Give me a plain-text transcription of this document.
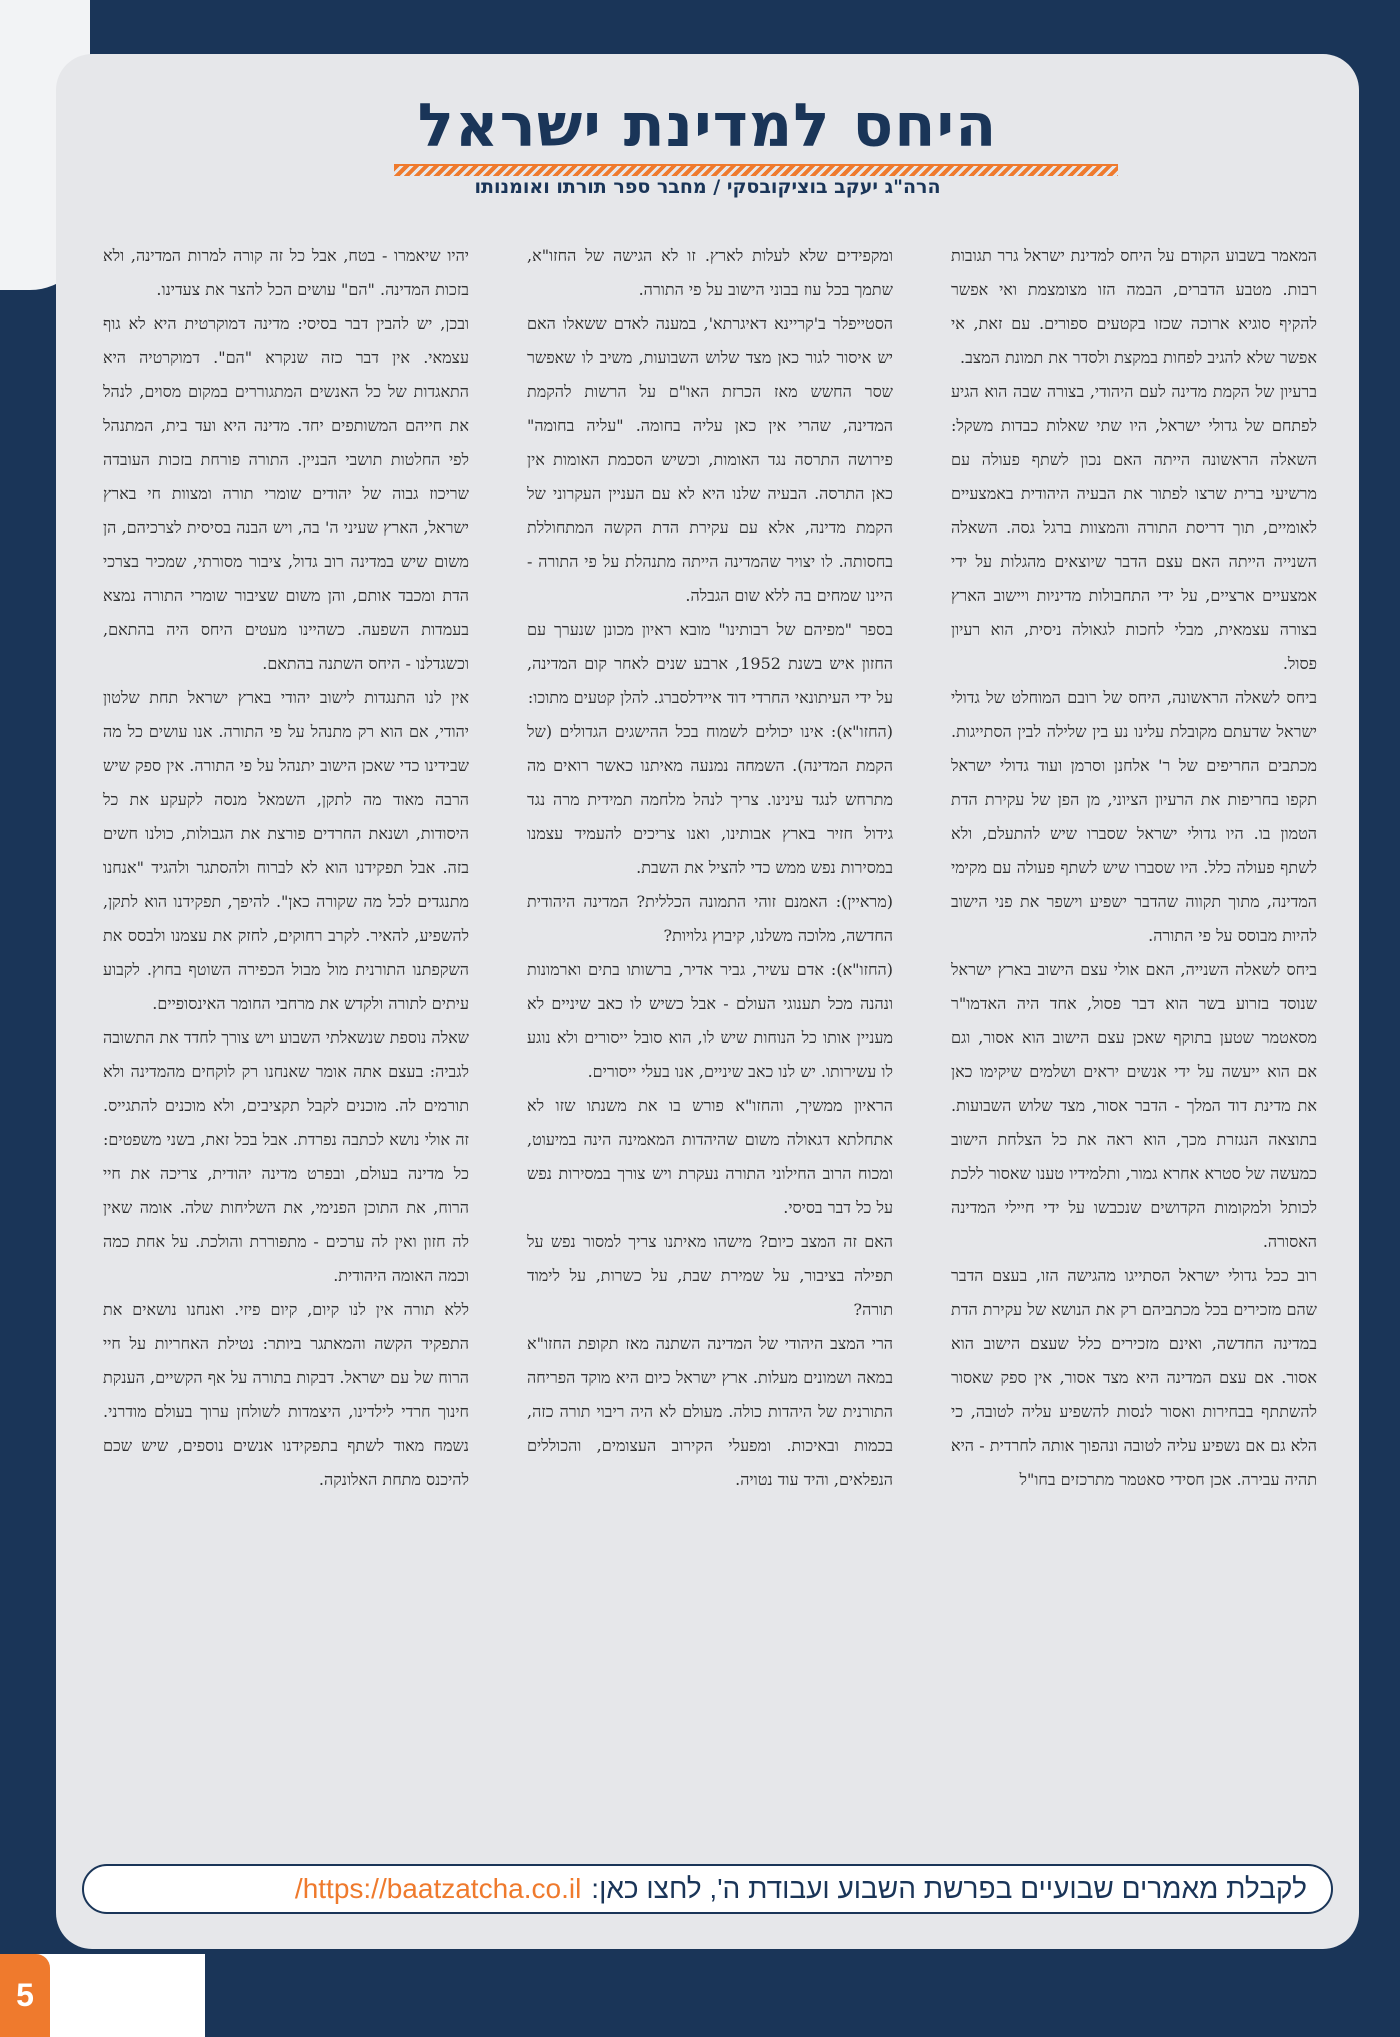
היחס למדינת ישראל
הרה"ג יעקב בוציקובסקי / מחבר ספר תורתו ואומנותו

המאמר בשבוע הקודם על היחס למדינת ישראל גרר תגובות רבות. מטבע הדברים, הבמה הזו מצומצמת ואי אפשר להקיף סוגיא ארוכה שכזו בקטעים ספורים. עם זאת, אי אפשר שלא להגיב לפחות במקצת ולסדר את תמונת המצב.

ברעיון של הקמת מדינה לעם היהודי, בצורה שבה הוא הגיע לפתחם של גדולי ישראל, היו שתי שאלות כבדות משקל: השאלה הראשונה הייתה האם נכון לשתף פעולה עם מרשיעי ברית שרצו לפתור את הבעיה היהודית באמצעיים לאומיים, תוך דריסת התורה והמצוות ברגל גסה. השאלה השנייה הייתה האם עצם הדבר שיוצאים מהגלות על ידי אמצעיים ארציים, על ידי התחבולות מדיניות ויישוב הארץ בצורה עצמאית, מבלי לחכות לגאולה ניסית, הוא רעיון פסול.

ביחס לשאלה הראשונה, היחס של רובם המוחלט של גדולי ישראל שדעתם מקובלת עלינו נע בין שלילה לבין הסתייגות. מכתבים החריפים של ר' אלחנן וסרמן ועוד גדולי ישראל תקפו בחריפות את הרעיון הציוני, מן הפן של עקירת הדת הטמון בו. היו גדולי ישראל שסברו שיש להתעלם, ולא לשתף פעולה כלל. היו שסברו שיש לשתף פעולה עם מקימי המדינה, מתוך תקווה שהדבר ישפיע וישפר את פני הישוב להיות מבוסס על פי התורה.

ביחס לשאלה השנייה, האם אולי עצם הישוב בארץ ישראל שנוסד בזרוע בשר הוא דבר פסול, אחד היה האדמו"ר מסאטמר שטען בתוקף שאכן עצם הישוב הוא אסור, וגם אם הוא ייעשה על ידי אנשים יראים ושלמים שיקימו כאן את מדינת דוד המלך - הדבר אסור, מצד שלוש השבועות. בתוצאה הנגזרת מכך, הוא ראה את כל הצלחת הישוב כמעשה של סטרא אחרא גמור, ותלמידיו טענו שאסור ללכת לכותל ולמקומות הקדושים שנכבשו על ידי חיילי המדינה האסורה.

רוב ככל גדולי ישראל הסתייגו מהגישה הזו, בעצם הדבר שהם מזכירים בכל מכתביהם רק את הנושא של עקירת הדת במדינה החדשה, ואינם מזכירים כלל שעצם הישוב הוא אסור. אם עצם המדינה היא מצד אסור, אין ספק שאסור להשתתף בבחירות ואסור לנסות להשפיע עליה לטובה, כי הלא גם אם נשפיע עליה לטובה ונהפוך אותה לחרדית - היא תהיה עבירה. אכן חסידי סאטמר מתרכזים בחו"ל

ומקפידים שלא לעלות לארץ. זו לא הגישה של החזו"א, שתמך בכל עוז בבוני הישוב על פי התורה.

הסטייפלר ב'קריינא דאיגרתא', במענה לאדם ששאלו האם יש איסור לגור כאן מצד שלוש השבועות, משיב לו שאפשר שסר החשש מאז הכרזת האו"ם על הרשות להקמת המדינה, שהרי אין כאן עליה בחומה. "עליה בחומה" פירושה התרסה נגד האומות, וכשיש הסכמת האומות אין כאן התרסה. הבעיה שלנו היא לא עם העניין העקרוני של הקמת מדינה, אלא עם עקירת הדת הקשה המתחוללת בחסותה. לו יצויר שהמדינה הייתה מתנהלת על פי התורה - היינו שמחים בה ללא שום הגבלה.

בספר "מפיהם של רבותינו" מובא ראיון מכונן שנערך עם החזון איש בשנת 1952, ארבע שנים לאחר קום המדינה, על ידי העיתונאי החרדי דוד איידלסברג. להלן קטעים מתוכו:

(החזו"א): אינו יכולים לשמוח בכל ההישגים הגדולים (של הקמת המדינה). השמחה נמנעה מאיתנו כאשר רואים מה מתרחש לנגד עינינו. צריך לנהל מלחמה תמידית מרה נגד גידול חזיר בארץ אבותינו, ואנו צריכים להעמיד עצמנו במסירות נפש ממש כדי להציל את השבת.

(מראיין): האמנם זוהי התמונה הכללית? המדינה היהודית החדשה, מלוכה משלנו, קיבוץ גלויות?

(החזו"א): אדם עשיר, גביר אדיר, ברשותו בתים וארמונות ונהנה מכל תענוגי העולם - אבל כשיש לו כאב שיניים לא מעניין אותו כל הנוחות שיש לו, הוא סובל ייסורים ולא נוגע לו עשירותו. יש לנו כאב שיניים, אנו בעלי ייסורים.

הראיון ממשיך, והחזו"א פורש בו את משנתו שזו לא אתחלתא דגאולה משום שהיהדות המאמינה הינה במיעוט, ומכוח הרוב החילוני התורה נעקרת ויש צורך במסירות נפש על כל דבר בסיסי.

האם זה המצב כיום? מישהו מאיתנו צריך למסור נפש על תפילה בציבור, על שמירת שבת, על כשרות, על לימוד תורה?

הרי המצב היהודי של המדינה השתנה מאז תקופת החזו"א במאה ושמונים מעלות. ארץ ישראל כיום היא מוקד הפריחה התורנית של היהדות כולה. מעולם לא היה ריבוי תורה כזה, בכמות ובאיכות. ומפעלי הקירוב העצומים, והכוללים הנפלאים, והיד עוד נטויה.

יהיו שיאמרו - בטח, אבל כל זה קורה למרות המדינה, ולא בזכות המדינה. "הם" עושים הכל להצר את צעדינו.

ובכן, יש להבין דבר בסיסי: מדינה דמוקרטית היא לא גוף עצמאי. אין דבר כזה שנקרא "הם". דמוקרטיה היא התאגדות של כל האנשים המתגוררים במקום מסוים, לנהל את חייהם המשותפים יחד. מדינה היא ועד בית, המתנהל לפי החלטות תושבי הבניין. התורה פורחת בזכות העובדה שריכוז גבוה של יהודים שומרי תורה ומצוות חי בארץ ישראל, הארץ שעיני ה' בה, ויש הבנה בסיסית לצרכיהם, הן משום שיש במדינה רוב גדול, ציבור מסורתי, שמכיר בצרכי הדת ומכבד אותם, והן משום שציבור שומרי התורה נמצא בעמדות השפעה. כשהיינו מעטים היחס היה בהתאם, וכשגדלנו - היחס השתנה בהתאם.

אין לנו התנגדות לישוב יהודי בארץ ישראל תחת שלטון יהודי, אם הוא רק מתנהל על פי התורה. אנו עושים כל מה שבידינו כדי שאכן הישוב יתנהל על פי התורה. אין ספק שיש הרבה מאוד מה לתקן, השמאל מנסה לקעקע את כל היסודות, ושנאת החרדים פורצת את הגבולות, כולנו חשים בזה. אבל תפקידנו הוא לא לברוח ולהסתגר ולהגיד "אנחנו מתנגדים לכל מה שקורה כאן". להיפך, תפקידנו הוא לתקן, להשפיע, להאיר. לקרב רחוקים, לחזק את עצמנו ולבסס את השקפתנו התורנית מול מבול הכפירה השוטף בחוץ. לקבוע עיתים לתורה ולקדש את מרחבי החומר האינסופיים.

שאלה נוספת שנשאלתי השבוע ויש צורך לחדד את התשובה לגביה: בעצם אתה אומר שאנחנו רק לוקחים מהמדינה ולא תורמים לה. מוכנים לקבל תקציבים, ולא מוכנים להתגייס. זה אולי נושא לכתבה נפרדת. אבל בכל זאת, בשני משפטים: כל מדינה בעולם, ובפרט מדינה יהודית, צריכה את חיי הרוח, את התוכן הפנימי, את השליחות שלה. אומה שאין לה חזון ואין לה ערכים - מתפוררת והולכת. על אחת כמה וכמה האומה היהודית.

ללא תורה אין לנו קיום, קיום פיזי. ואנחנו נושאים את התפקיד הקשה והמאתגר ביותר: נטילת האחריות על חיי הרוח של עם ישראל. דבקות בתורה על אף הקשיים, הענקת חינוך חרדי לילדינו, היצמדות לשולחן ערוך בעולם מודרני. נשמח מאוד לשתף בתפקידנו אנשים נוספים, שיש שכם להיכנס מתחת האלונקה.

לקבלת מאמרים שבועיים בפרשת השבוע ועבודת ה', לחצו כאן:
https://baatzatcha.co.il/
5
